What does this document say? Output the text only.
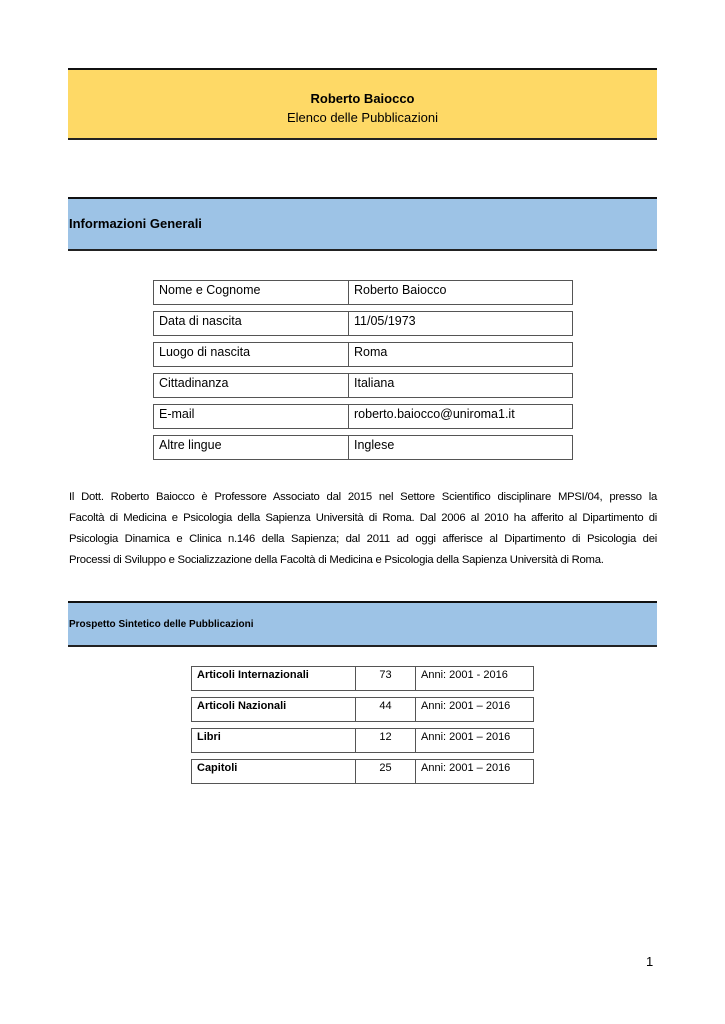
Roberto Baiocco
Elenco delle Pubblicazioni
Informazioni Generali
Nome e Cognome	Roberto Baiocco
Data di nascita	11/05/1973
Luogo di nascita	Roma
Cittadinanza	Italiana
E-mail	roberto.baiocco@uniroma1.it
Altre lingue	Inglese
Il Dott. Roberto Baiocco è Professore Associato dal 2015 nel Settore Scientifico disciplinare MPSI/04, presso la
Facoltà di Medicina e Psicologia della Sapienza Università di Roma. Dal 2006 al 2010 ha afferito al Dipartimento di
Psicologia Dinamica e Clinica n.146 della Sapienza; dal 2011 ad oggi afferisce al Dipartimento di Psicologia dei
Processi di Sviluppo e Socializzazione della Facoltà di Medicina e Psicologia della Sapienza Università di Roma.
Prospetto Sintetico delle Pubblicazioni
Articoli Internazionali	73	Anni: 2001 - 2016
Articoli Nazionali	44	Anni: 2001 – 2016
Libri	12	Anni: 2001 – 2016
Capitoli	25	Anni: 2001 – 2016
1
